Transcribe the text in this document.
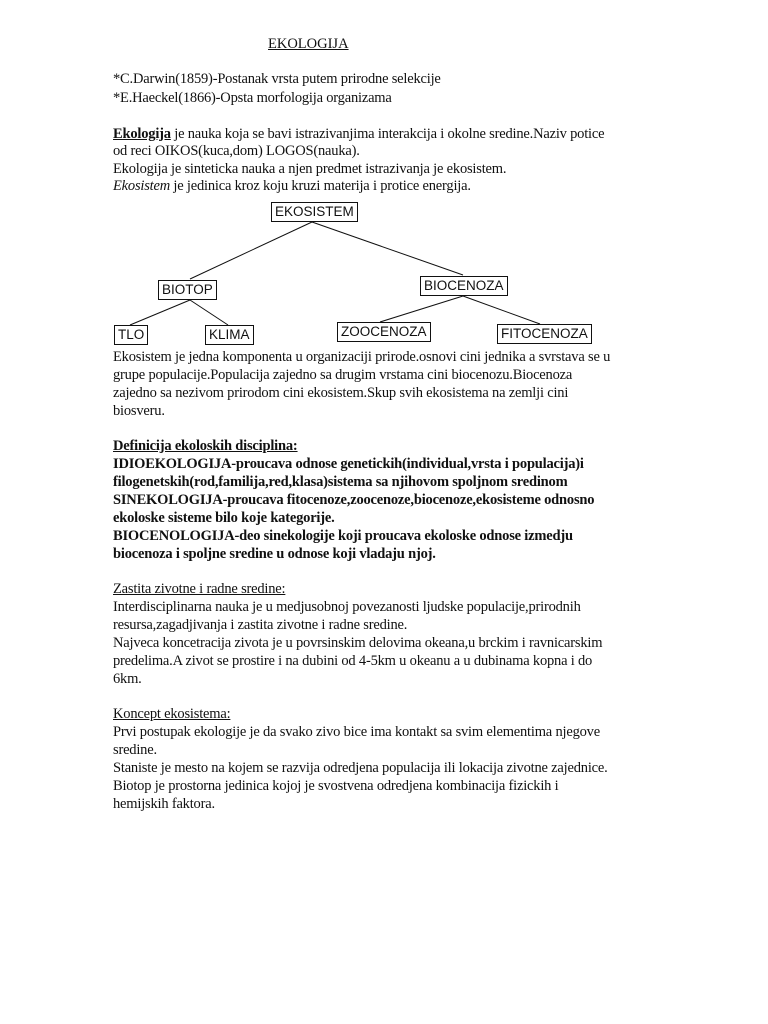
EKOLOGIJA
*C.Darwin(1859)-Postanak vrsta putem prirodne selekcije
*E.Haeckel(1866)-Opsta morfologija organizama
Ekologija je nauka koja se bavi istrazivanjima interakcija i okolne sredine.Naziv potice
od reci OIKOS(kuca,dom) LOGOS(nauka).
Ekologija je sinteticka nauka a njen predmet istrazivanja je ekosistem.
Ekosistem je jedinica kroz koju kruzi materija i protice energija.
EKOSISTEM
BIOTOP	BIOCENOZA
TLO	KLIMA	ZOOCENOZA	FITOCENOZA
Ekosistem je jedna komponenta u organizaciji prirode.osnovi cini jednika a svrstava se u
grupe populacije.Populacija zajedno sa drugim vrstama cini biocenozu.Biocenoza
zajedno sa nezivom prirodom cini ekosistem.Skup svih ekosistema na zemlji cini
biosveru.
Definicija ekoloskih disciplina:
IDIOEKOLOGIJA-proucava odnose genetickih(individual,vrsta i populacija)i
filogenetskih(rod,familija,red,klasa)sistema sa njihovom spoljnom sredinom
SINEKOLOGIJA-proucava fitocenoze,zoocenoze,biocenoze,ekosisteme odnosno
ekoloske sisteme bilo koje kategorije.
BIOCENOLOGIJA-deo sinekologije koji proucava ekoloske odnose izmedju
biocenoza i spoljne sredine u odnose koji vladaju njoj.
Zastita zivotne i radne sredine:
Interdisciplinarna nauka je u medjusobnoj povezanosti ljudske populacije,prirodnih
resursa,zagadjivanja i zastita zivotne i radne sredine.
Najveca koncetracija zivota je u povrsinskim delovima okeana,u brckim i ravnicarskim
predelima.A zivot se prostire i na dubini od 4-5km u okeanu a u dubinama kopna i do
6km.
Koncept ekosistema:
Prvi postupak ekologije je da svako zivo bice ima kontakt sa svim elementima njegove
sredine.
Staniste je mesto na kojem se razvija odredjena populacija ili lokacija zivotne zajednice.
Biotop je prostorna jedinica kojoj je svostvena odredjena kombinacija fizickih i
hemijskih faktora.
